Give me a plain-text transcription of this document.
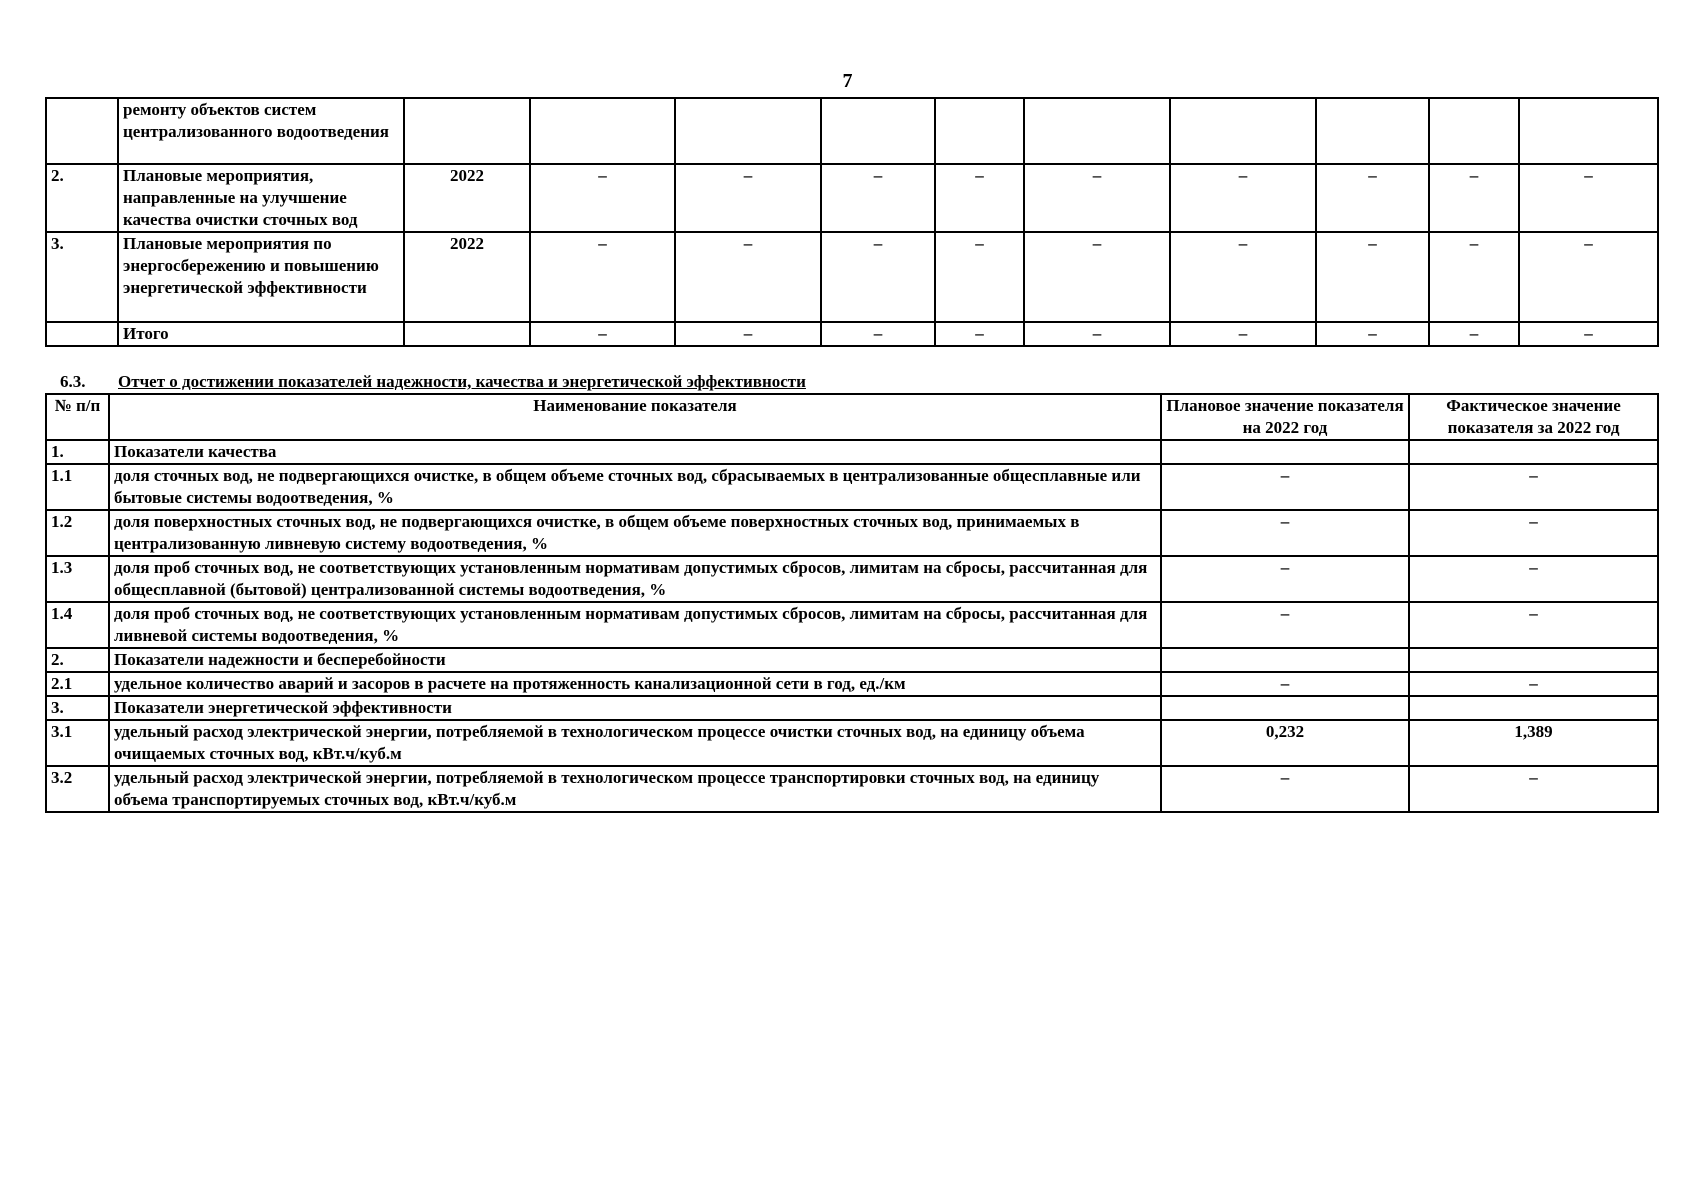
7
	ремонту объектов систем централизованного водоотведения										
2.	Плановые мероприятия, направленные на улучшение качества очистки сточных вод	2022	–	–	–	–	–	–	–	–	–
3.	Плановые мероприятия по энергосбережению и повышению энергетической эффективности	2022	–	–	–	–	–	–	–	–	–
	Итого		–	–	–	–	–	–	–	–	–
6.3. Отчет о достижении показателей надежности, качества и энергетической эффективности
№ п/п	Наименование показателя	Плановое значение показателя на 2022 год	Фактическое значение показателя за 2022 год
1.	Показатели качества		
1.1	доля сточных вод, не подвергающихся очистке, в общем объеме сточных вод, сбрасываемых в централизованные общесплавные или бытовые системы водоотведения, %	–	–
1.2	доля поверхностных сточных вод, не подвергающихся очистке, в общем объеме поверхностных сточных вод, принимаемых в централизованную ливневую систему водоотведения, %	–	–
1.3	доля проб сточных вод, не соответствующих установленным нормативам допустимых сбросов, лимитам на сбросы, рассчитанная для общесплавной (бытовой) централизованной системы водоотведения, %	–	–
1.4	доля проб сточных вод, не соответствующих установленным нормативам допустимых сбросов, лимитам на сбросы, рассчитанная для ливневой системы водоотведения, %	–	–
2.	Показатели надежности и бесперебойности		
2.1	удельное количество аварий и засоров в расчете на протяженность канализационной сети в год, ед./км	–	–
3.	Показатели энергетической эффективности		
3.1	удельный расход электрической энергии, потребляемой в технологическом процессе очистки сточных вод, на единицу объема очищаемых сточных вод, кВт.ч/куб.м	0,232	1,389
3.2	удельный расход электрической энергии, потребляемой в технологическом процессе транспортировки сточных вод, на единицу объема транспортируемых сточных вод, кВт.ч/куб.м	–	–
